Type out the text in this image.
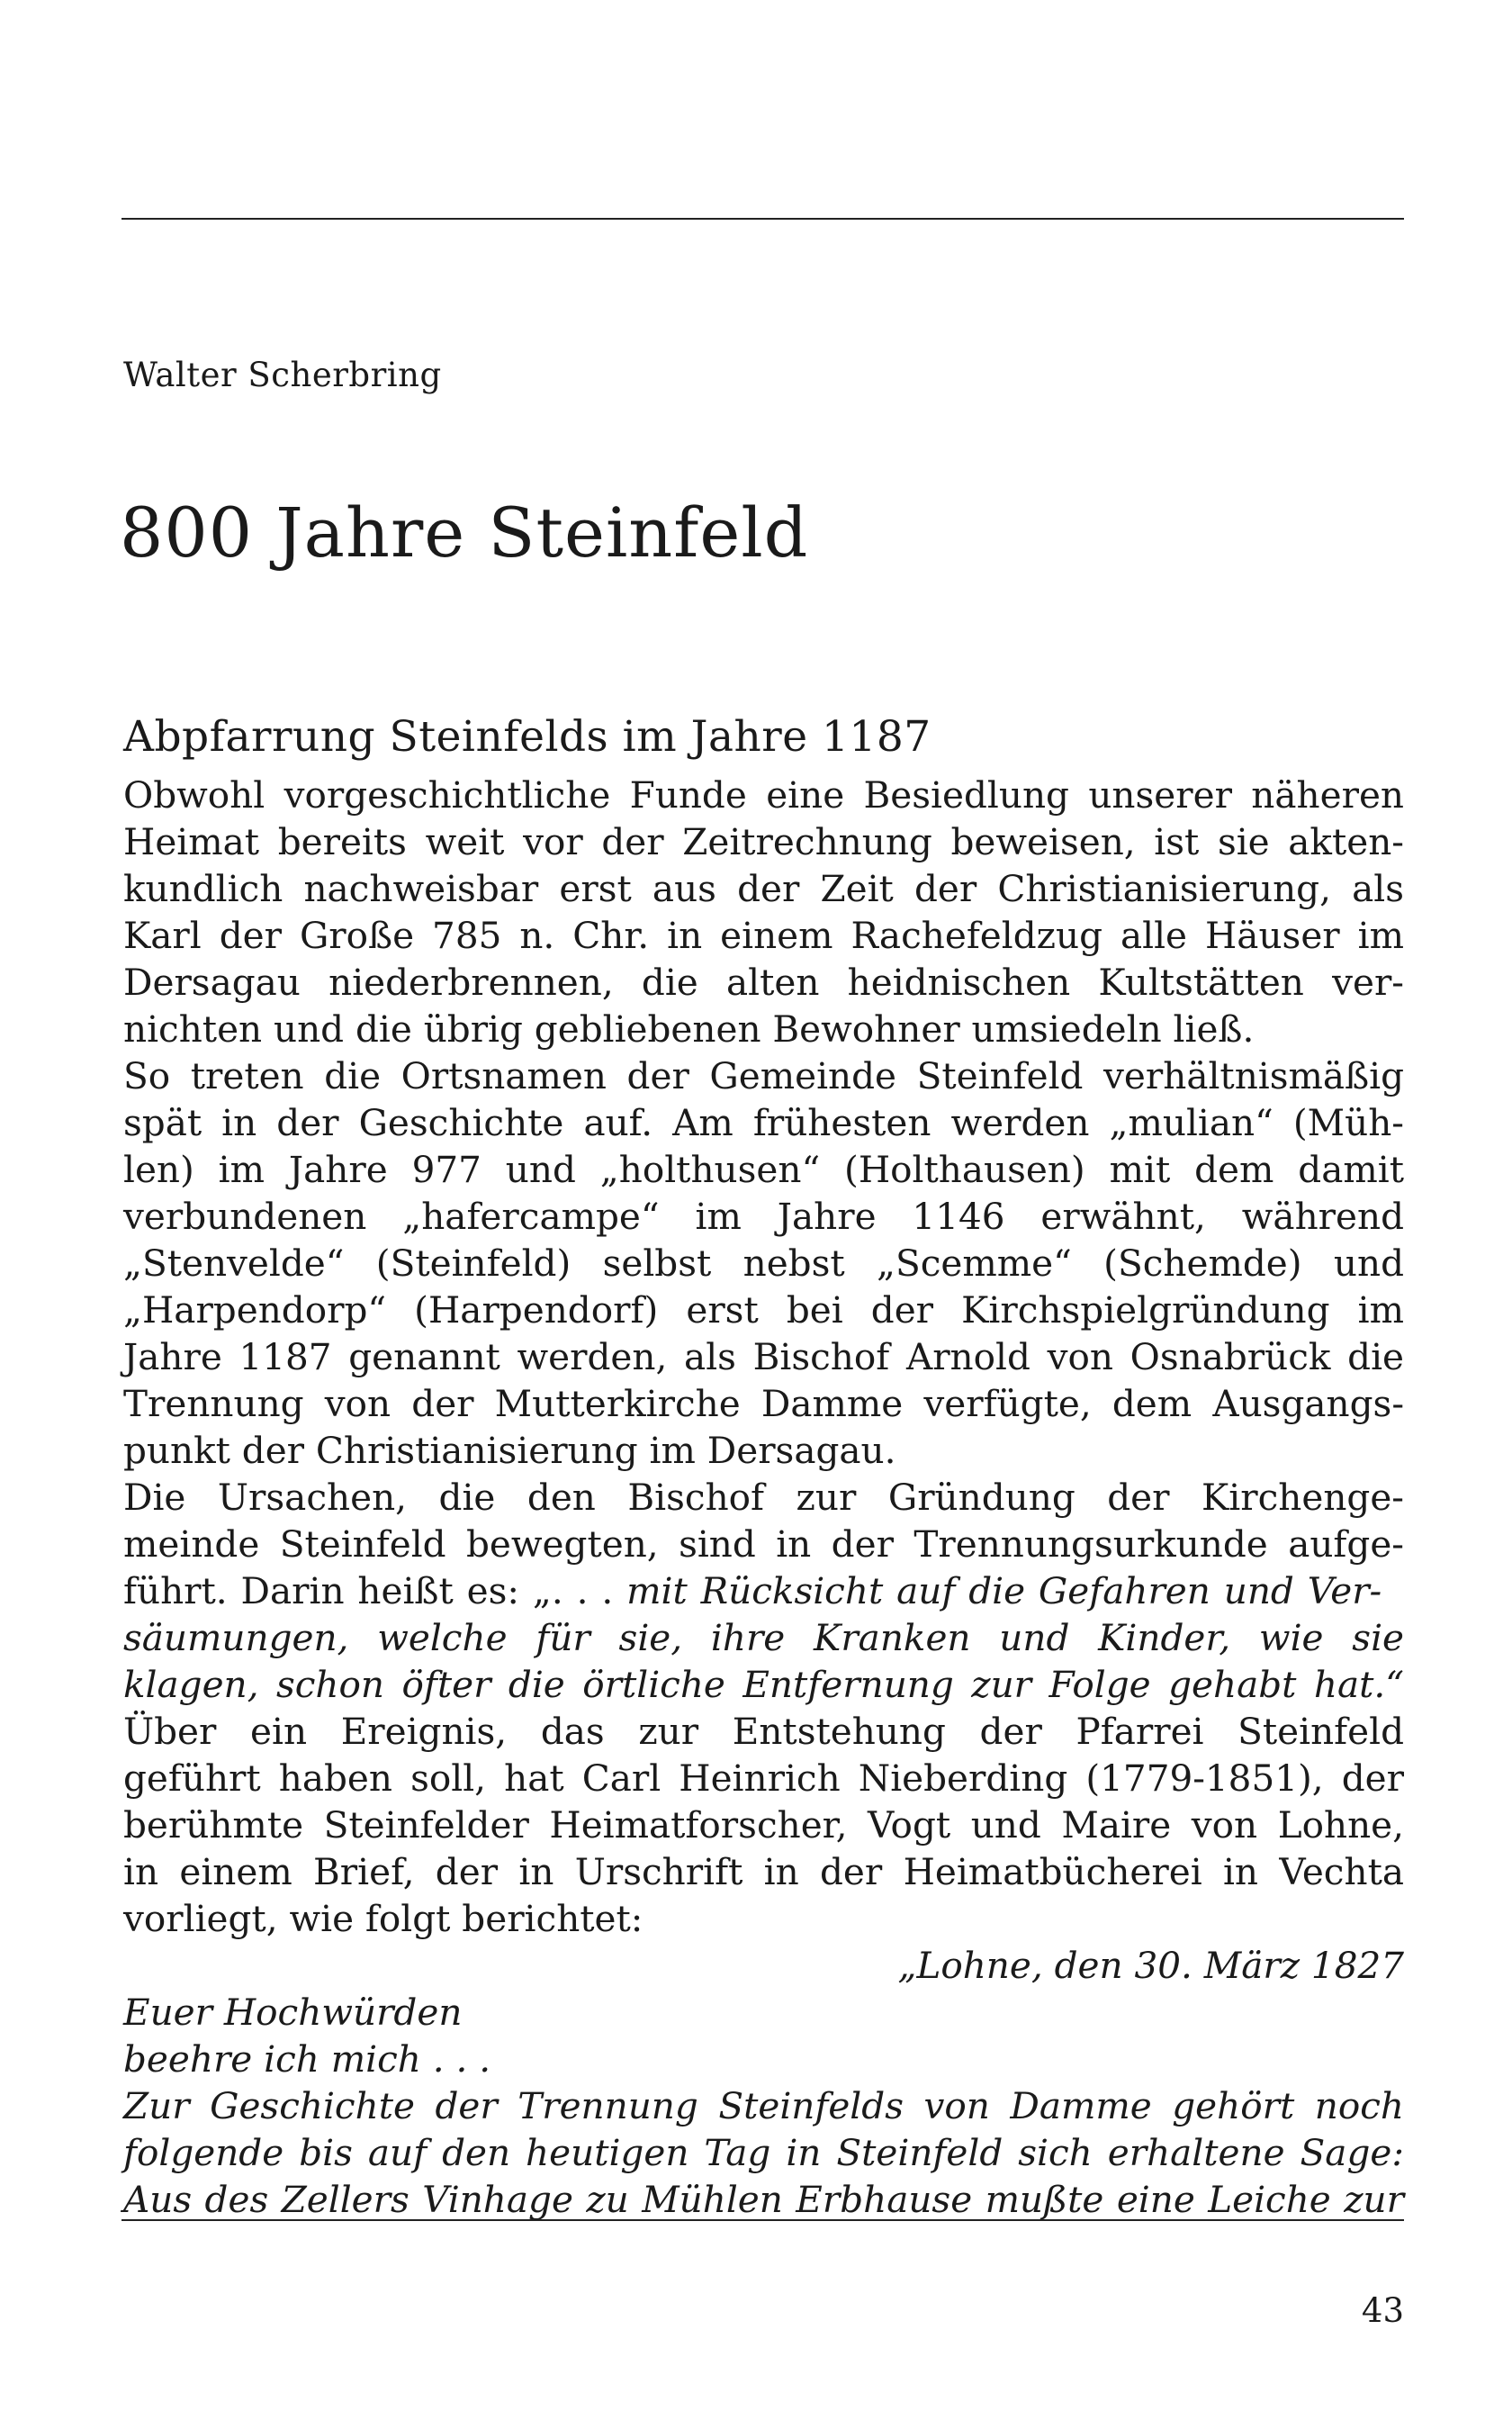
Walter Scherbring
800 Jahre Steinfeld
Abpfarrung Steinfelds im Jahre 1187
Obwohl vorgeschichtliche Funde eine Besiedlung unserer näheren
Heimat bereits weit vor der Zeitrechnung beweisen, ist sie akten-
kundlich nachweisbar erst aus der Zeit der Christianisierung, als
Karl der Große 785 n. Chr. in einem Rachefeldzug alle Häuser im
Dersagau niederbrennen, die alten heidnischen Kultstätten ver-
nichten und die übrig gebliebenen Bewohner umsiedeln ließ.
So treten die Ortsnamen der Gemeinde Steinfeld verhältnismäßig
spät in der Geschichte auf. Am frühesten werden „mulian“ (Müh-
len) im Jahre 977 und „holthusen“ (Holthausen) mit dem damit
verbundenen „hafercampe“ im Jahre 1146 erwähnt, während
„Stenvelde“ (Steinfeld) selbst nebst „Scemme“ (Schemde) und
„Harpendorp“ (Harpendorf) erst bei der Kirchspielgründung im
Jahre 1187 genannt werden, als Bischof Arnold von Osnabrück die
Trennung von der Mutterkirche Damme verfügte, dem Ausgangs-
punkt der Christianisierung im Dersagau.
Die Ursachen, die den Bischof zur Gründung der Kirchenge-
meinde Steinfeld bewegten, sind in der Trennungsurkunde aufge-
führt. Darin heißt es: „. . . mit Rücksicht auf die Gefahren und Ver-
säumungen, welche für sie, ihre Kranken und Kinder, wie sie
klagen, schon öfter die örtliche Entfernung zur Folge gehabt hat.“
Über ein Ereignis, das zur Entstehung der Pfarrei Steinfeld
geführt haben soll, hat Carl Heinrich Nieberding (1779-1851), der
berühmte Steinfelder Heimatforscher, Vogt und Maire von Lohne,
in einem Brief, der in Urschrift in der Heimatbücherei in Vechta
vorliegt, wie folgt berichtet:
„Lohne, den 30. März 1827
Euer Hochwürden
beehre ich mich . . .
Zur Geschichte der Trennung Steinfelds von Damme gehört noch
folgende bis auf den heutigen Tag in Steinfeld sich erhaltene Sage:
Aus des Zellers Vinhage zu Mühlen Erbhause mußte eine Leiche zur
43
